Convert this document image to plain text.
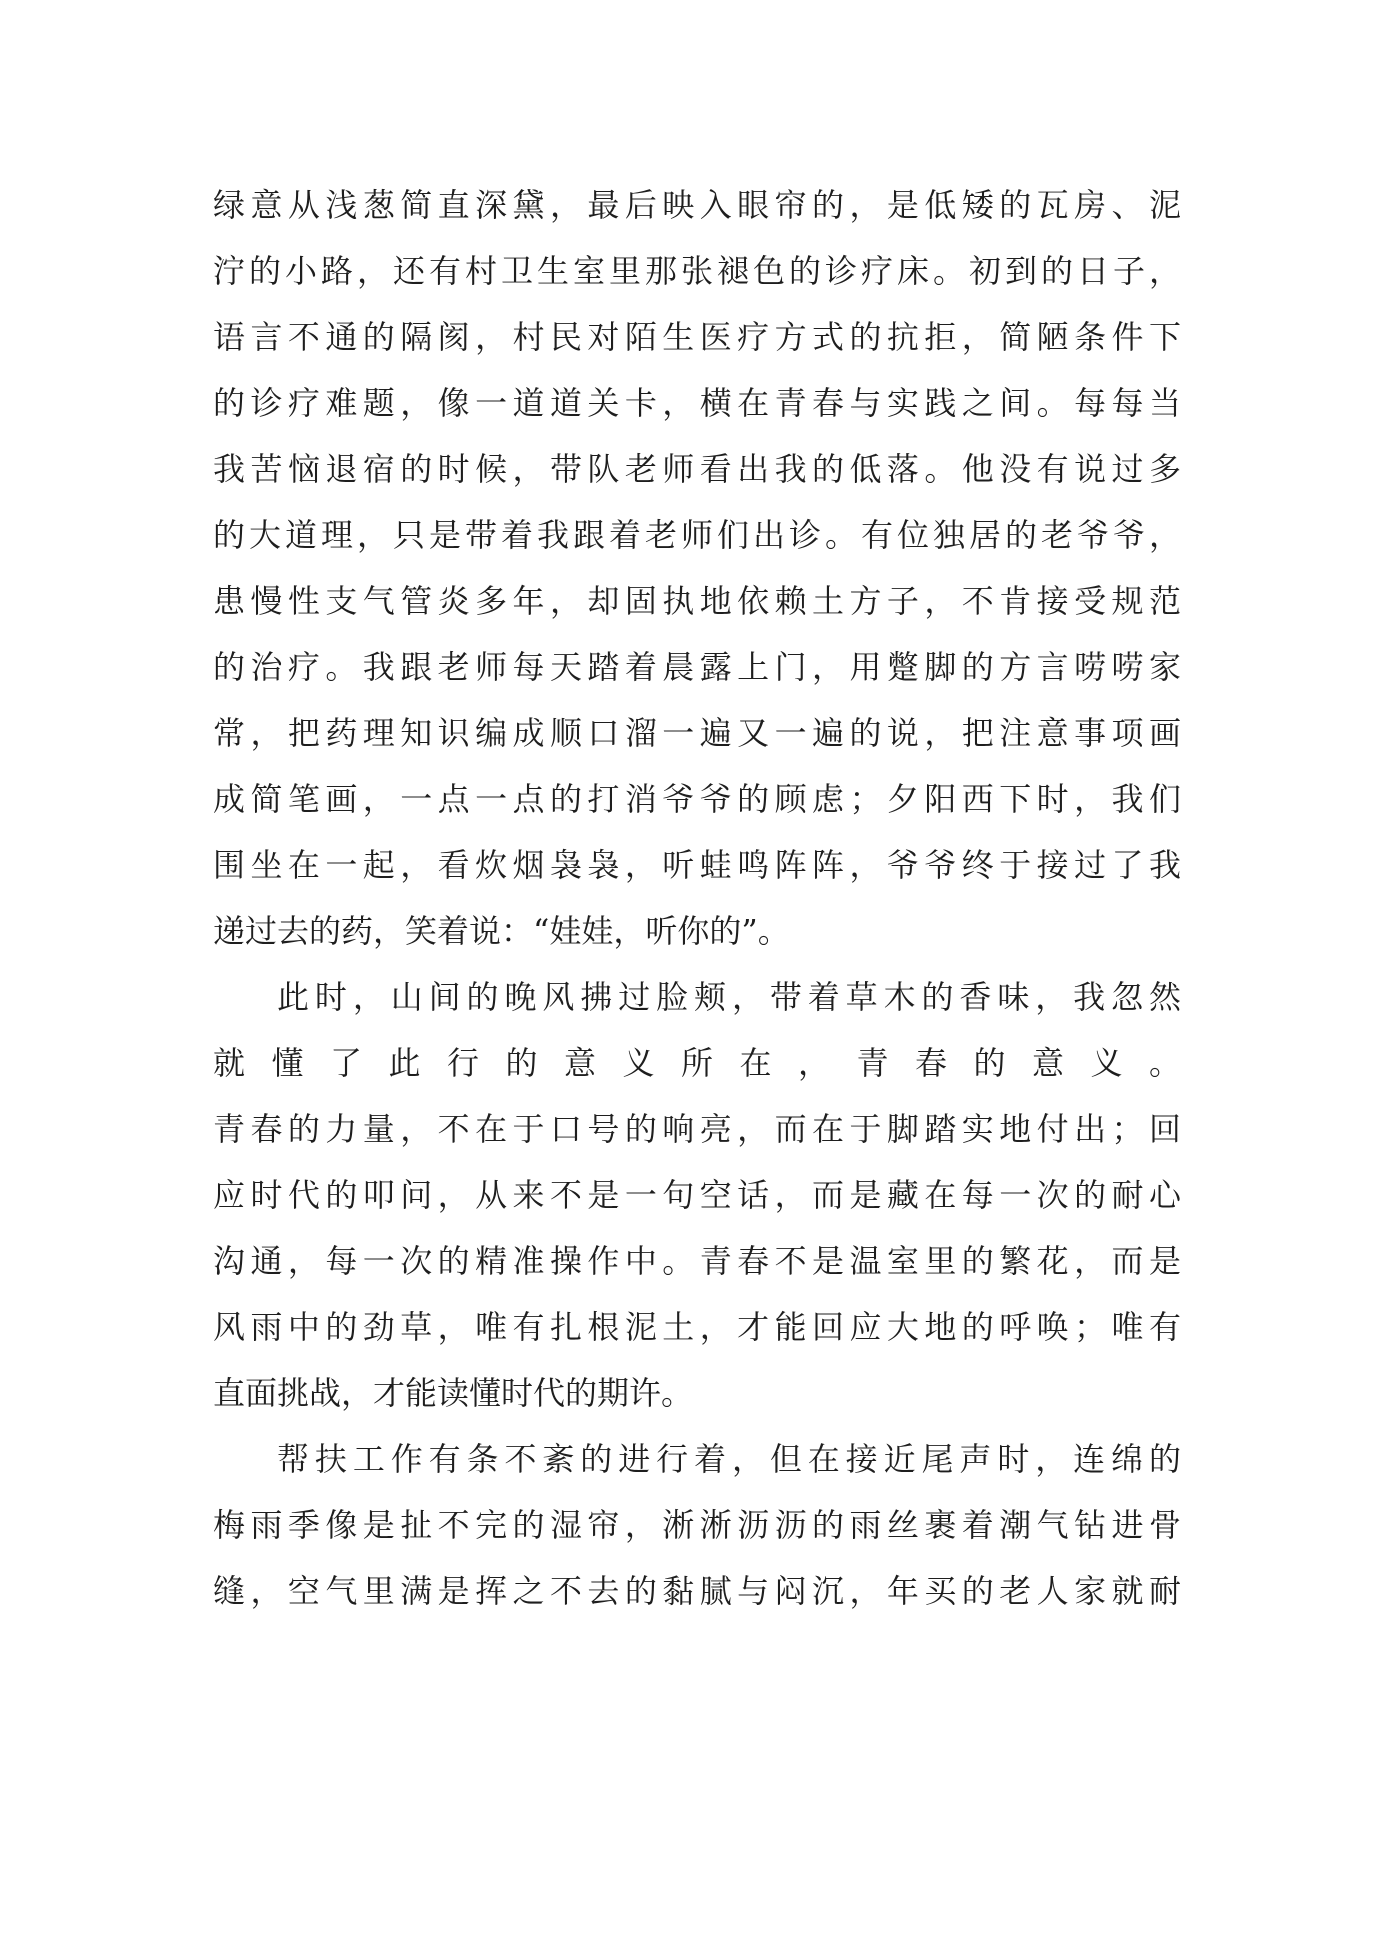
绿意从浅葱简直深黛，最后映入眼帘的，是低矮的瓦房、泥
泞的小路，还有村卫生室里那张褪色的诊疗床。初到的日子，
语言不通的隔阂，村民对陌生医疗方式的抗拒，简陋条件下
的诊疗难题，像一道道关卡，横在青春与实践之间。每每当
我苦恼退宿的时候，带队老师看出我的低落。他没有说过多
的大道理，只是带着我跟着老师们出诊。有位独居的老爷爷，
患慢性支气管炎多年，却固执地依赖土方子，不肯接受规范
的治疗。我跟老师每天踏着晨露上门，用蹩脚的方言唠唠家
常，把药理知识编成顺口溜一遍又一遍的说，把注意事项画
成简笔画，一点一点的打消爷爷的顾虑；夕阳西下时，我们
围坐在一起，看炊烟袅袅，听蛙鸣阵阵，爷爷终于接过了我
递过去的药，笑着说：“娃娃，听你的”。
此时，山间的晚风拂过脸颊，带着草木的香味，我忽然
就懂了此行的意义所在，青春的意义。
青春的力量，不在于口号的响亮，而在于脚踏实地付出；回
应时代的叩问，从来不是一句空话，而是藏在每一次的耐心
沟通，每一次的精准操作中。青春不是温室里的繁花，而是
风雨中的劲草，唯有扎根泥土，才能回应大地的呼唤；唯有
直面挑战，才能读懂时代的期许。
帮扶工作有条不紊的进行着，但在接近尾声时，连绵的
梅雨季像是扯不完的湿帘，淅淅沥沥的雨丝裹着潮气钻进骨
缝，空气里满是挥之不去的黏腻与闷沉，年买的老人家就耐
